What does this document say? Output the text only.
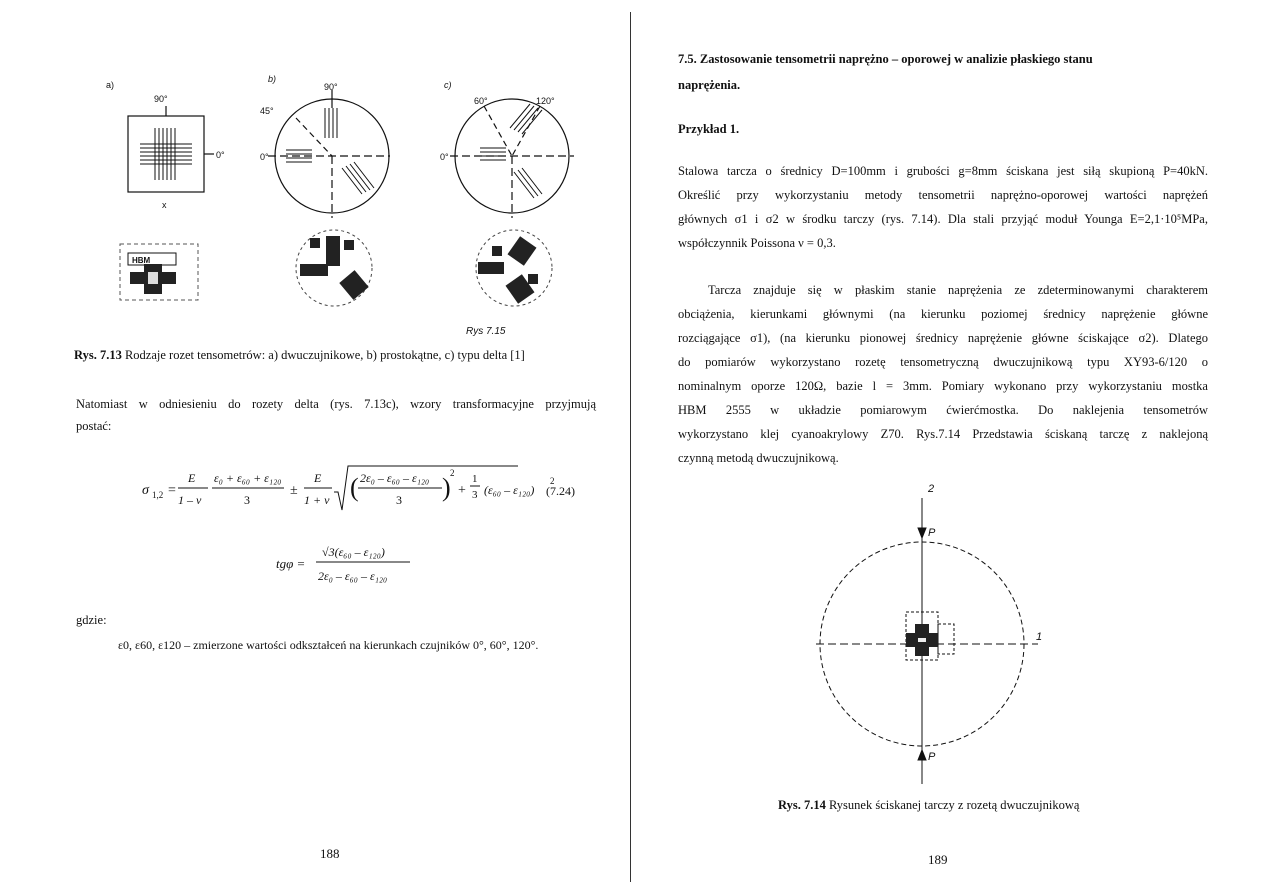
a)
90°
0°
x
b)
90°
45°
0°
c)
60°	120°
0°
HBM
Rys 7.15
Rys. 7.13 Rodzaje rozet tensometrów: a) dwuczujnikowe, b) prostokątne, c) typu delta [1]
Natomiast w odniesieniu do rozety delta (rys. 7.13c), wzory transformacyjne przyjmują
postać:
σ 1,2 =
E
1 – ν
ε₀ + ε₆₀ + ε₁₂₀
3
±
E
1 + ν ( 2ε₀ – ε₆₀ – ε₁₂₀
3 ) 2
+
1
3 (ε₆₀ – ε₁₂₀)
2
(7.24)
tgφ =
√3(ε₆₀ – ε₁₂₀)
2ε₀ – ε₆₀ – ε₁₂₀
gdzie:
ε0, ε60, ε120 – zmierzone wartości odkształceń na kierunkach czujników 0°, 60°, 120°.
188
7.5. Zastosowanie tensometrii naprężno – oporowej w analizie płaskiego stanu
naprężenia.
Przykład 1.
Stalowa tarcza o średnicy D=100mm i grubości g=8mm ściskana jest siłą skupioną P=40kN.
Określić przy wykorzystaniu metody tensometrii naprężno-oporowej wartości naprężeń
głównych σ1 i σ2 w środku tarczy (rys. 7.14). Dla stali przyjąć moduł Younga E=2,1·10⁵MPa,
współczynnik Poissona ν = 0,3.
Tarcza znajduje się w płaskim stanie naprężenia ze zdeterminowanymi charakterem
obciążenia, kierunkami głównymi (na kierunku poziomej średnicy naprężenie główne
rozciągające σ1), (na kierunku pionowej średnicy naprężenie główne ściskające σ2). Dlatego
do pomiarów wykorzystano rozetę tensometryczną dwuczujnikową typu XY93-6/120 o
nominalnym oporze 120Ω, bazie l = 3mm. Pomiary wykonano przy wykorzystaniu mostka
HBM 2555 w układzie pomiarowym ćwierćmostka. Do naklejenia tensometrów
wykorzystano klej cyanoakrylowy Z70. Rys.7.14 Przedstawia ściskaną tarczę z naklejoną
czynną metodą dwuczujnikową.
2
P
1
P
Rys. 7.14 Rysunek ściskanej tarczy z rozetą dwuczujnikową
189
